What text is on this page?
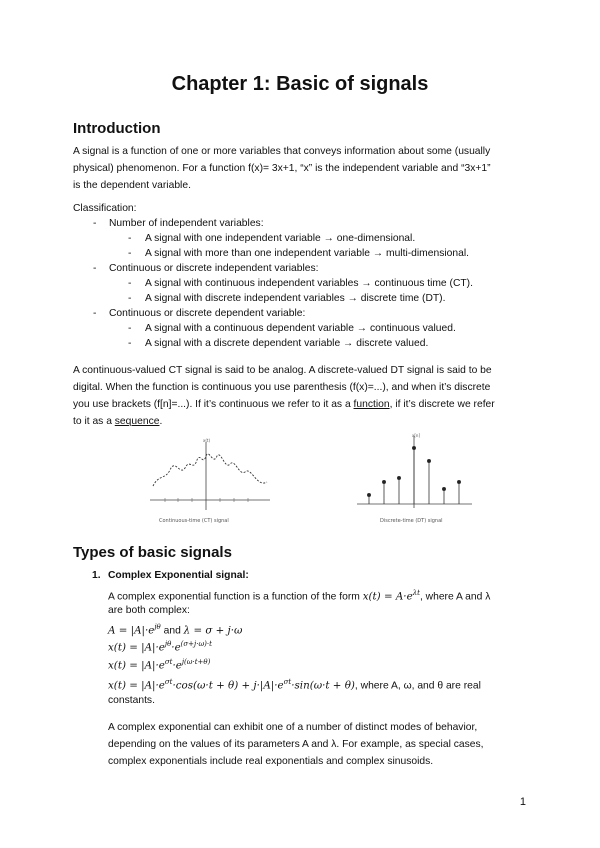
Chapter 1: Basic of signals
Introduction
A signal is a function of one or more variables that conveys information about some (usually
physical) phenomenon. For a function f(x)= 3x+1, “x” is the independent variable and “3x+1”
is the dependent variable.
Classification:
- Number of independent variables:
- A signal with one independent variable → one-dimensional.
- A signal with more than one independent variable → multi-dimensional.
- Continuous or discrete independent variables:
- A signal with continuous independent variables → continuous time (CT).
- A signal with discrete independent variables → discrete time (DT).
- Continuous or discrete dependent variable:
- A signal with a continuous dependent variable → continuous valued.
- A signal with a discrete dependent variable → discrete valued.
A continuous-valued CT signal is said to be analog. A discrete-valued DT signal is said to be
digital. When the function is continuous you use parenthesis (f(x)=...), and when it’s discrete
you use brackets (f[n]=...). If it’s continuous we refer to it as a function, if it’s discrete we refer
to it as a sequence.
x(t)
Continuous-time (CT) signal
x[n]
Discrete-time (DT) signal
Types of basic signals
1. Complex Exponential signal:
A complex exponential function is a function of the form $x(t) = A\cdot e^{\lambda t}$, where A and λ
are both complex:
$A = |A|\cdot e^{j\theta}$ and λ = σ + j·ω
$x(t) = |A|\cdot e^{j\theta}\cdot e^{(\sigma+j\cdot\omega)\cdot t}$
$x(t) = |A|\cdot e^{\sigma t}\cdot e^{j(\omega\cdot t+\theta)}$
$x(t) = |A|\cdot e^{\sigma t}\cdot\cos(\omega\cdot t + \theta) + j\cdot|A|\cdot e^{\sigma t}\cdot\sin(\omega\cdot t + \theta)$, where A, ω, and θ are real
constants.
A complex exponential can exhibit one of a number of distinct modes of behavior,
depending on the values of its parameters A and λ. For example, as special cases,
complex exponentials include real exponentials and complex sinusoids.
1
